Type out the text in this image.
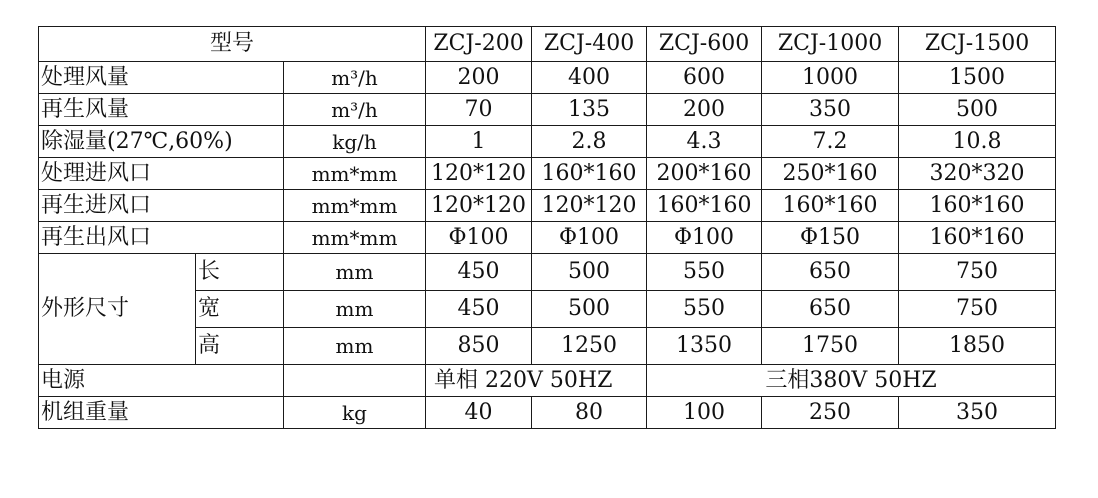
型号			ZCJ-200	ZCJ-400	ZCJ-600	ZCJ-1000	ZCJ-1500
处理风量		m³/h	200	400	600	1000	1500
再生风量		m³/h	70	135	200	350	500
除湿量(27℃,60%)		kg/h	1	2.8	4.3	7.2	10.8
处理进风口		mm*mm	120*120	160*160	200*160	250*160	320*320
再生进风口		mm*mm	120*120	120*120	160*160	160*160	160*160
再生出风口		mm*mm	Φ100	Φ100	Φ100	Φ150	160*160
外形尺寸	长	mm	450	500	550	650	750
	宽	mm	450	500	550	650	750
	高	mm	850	1250	1350	1750	1850
电源			单相 220V 50HZ		三相380V 50HZ		
机组重量		kg	40	80	100	250	350
